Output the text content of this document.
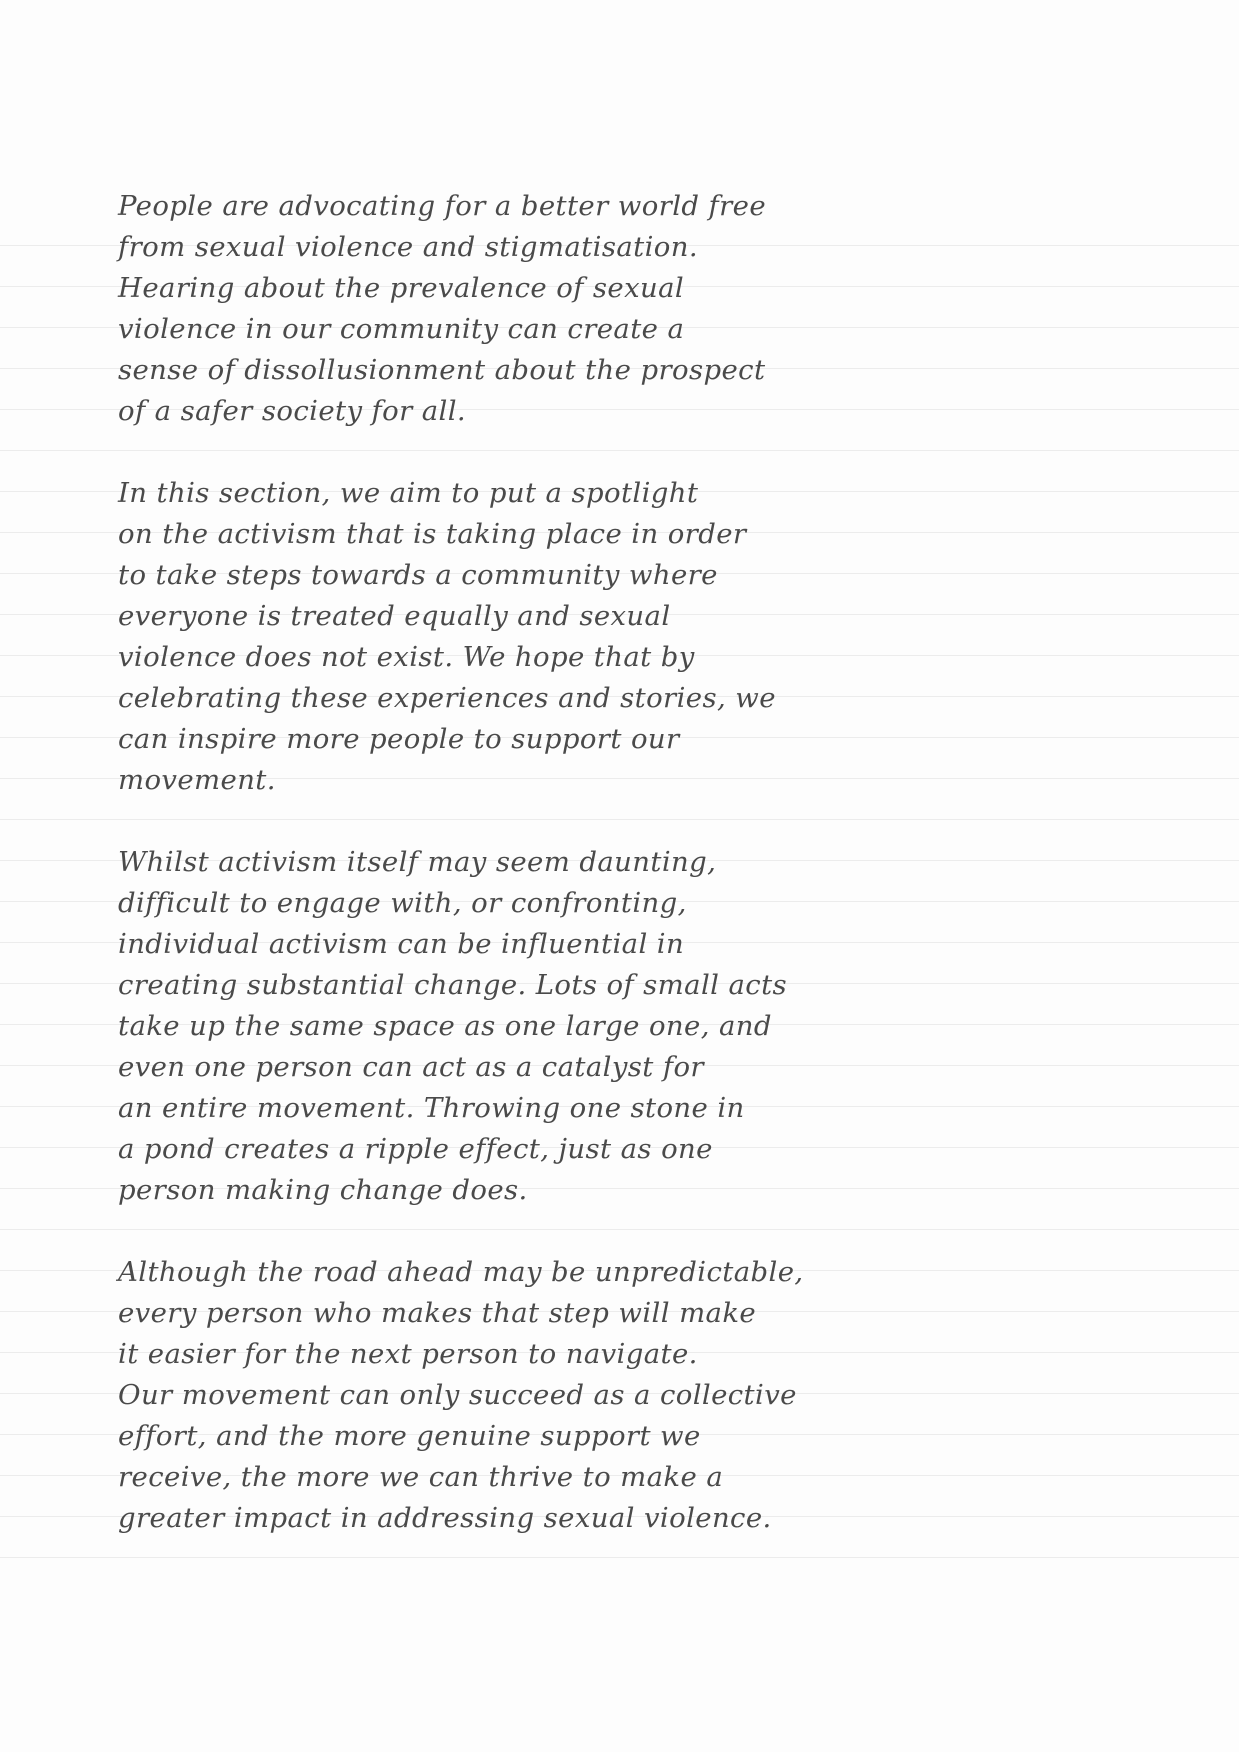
People are advocating for a better world free
from sexual violence and stigmatisation.
Hearing about the prevalence of sexual
violence in our community can create a
sense of dissollusionment about the prospect
of a safer society for all.
In this section, we aim to put a spotlight
on the activism that is taking place in order
to take steps towards a community where
everyone is treated equally and sexual
violence does not exist. We hope that by
celebrating these experiences and stories, we
can inspire more people to support our
movement.
Whilst activism itself may seem daunting,
difficult to engage with, or confronting,
individual activism can be influential in
creating substantial change. Lots of small acts
take up the same space as one large one, and
even one person can act as a catalyst for
an entire movement. Throwing one stone in
a pond creates a ripple effect, just as one
person making change does.
Although the road ahead may be unpredictable,
every person who makes that step will make
it easier for the next person to navigate.
Our movement can only succeed as a collective
effort, and the more genuine support we
receive, the more we can thrive to make a
greater impact in addressing sexual violence.
